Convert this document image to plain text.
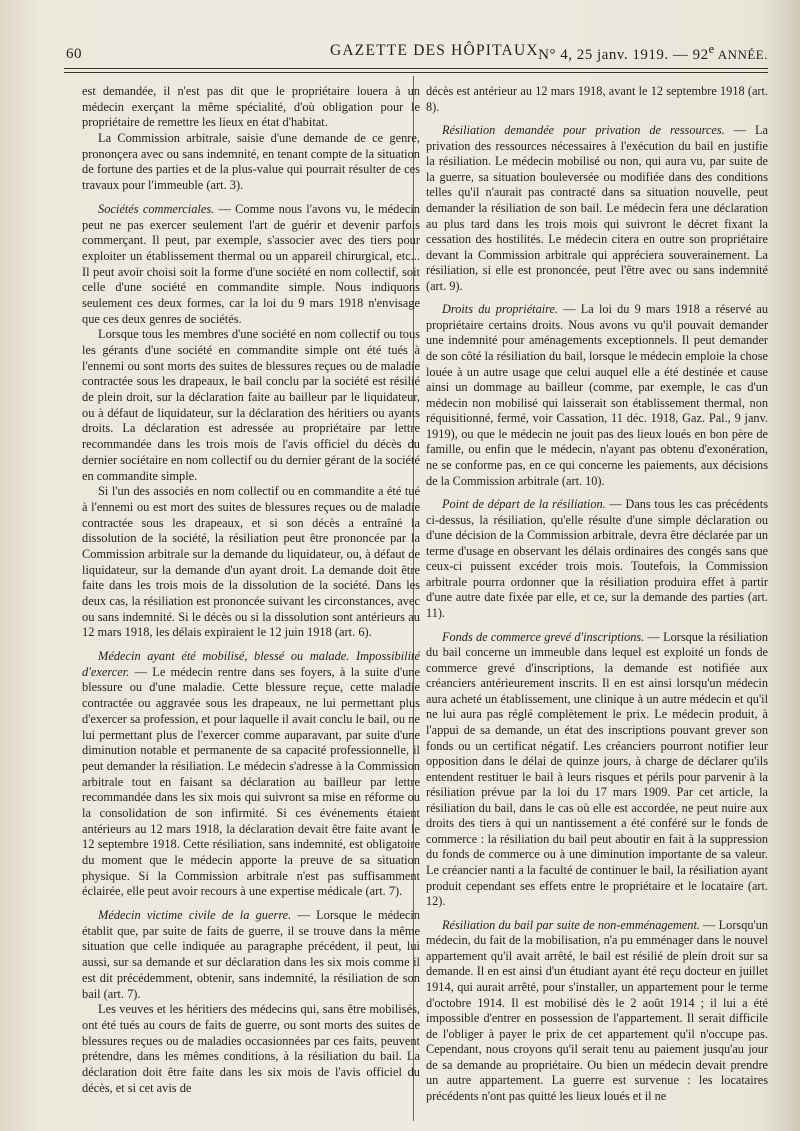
60	GAZETTE DES HÔPITAUX N° 4, 25 janv. 1919. — 92e ANNÉE.

est demandée, il n'est pas dit que le propriétaire louera à un médecin exerçant la même spécialité, d'où obligation pour le propriétaire de remettre les lieux en état d'habitat.

La Commission arbitrale, saisie d'une demande de ce genre, prononçera avec ou sans indemnité, en tenant compte de la situation de fortune des parties et de la plus-value qui pourrait résulter de ces travaux pour l'immeuble (art. 3).

Sociétés commerciales. — Comme nous l'avons vu, le médecin peut ne pas exercer seulement l'art de guérir et devenir parfois commerçant. Il peut, par exemple, s'associer avec des tiers pour exploiter un établissement thermal ou un appareil chirurgical, etc... Il peut avoir choisi soit la forme d'une société en nom collectif, soit celle d'une société en commandite simple. Nous indiquons seulement ces deux formes, car la loi du 9 mars 1918 n'envisage que ces deux genres de sociétés.

Lorsque tous les membres d'une société en nom collectif ou tous les gérants d'une société en commandite simple ont été tués à l'ennemi ou sont morts des suites de blessures reçues ou de maladie contractée sous les drapeaux, le bail conclu par la société est résilié de plein droit, sur la déclaration faite au bailleur par le liquidateur, ou à défaut de liquidateur, sur la déclaration des héritiers ou ayants droits. La déclaration est adressée au propriétaire par lettre recommandée dans les trois mois de l'avis officiel du décès du dernier sociétaire en nom collectif ou du dernier gérant de la société en commandite simple.

Si l'un des associés en nom collectif ou en commandite a été tué à l'ennemi ou est mort des suites de blessures reçues ou de maladie contractée sous les drapeaux, et si son décès a entraîné la dissolution de la société, la résiliation peut être prononcée par la Commission arbitrale sur la demande du liquidateur, ou, à défaut de liquidateur, sur la demande d'un ayant droit. La demande doit être faite dans les trois mois de la dissolution de la société. Dans les deux cas, la résiliation est prononcée suivant les circonstances, avec ou sans indemnité. Si le décès ou si la dissolution sont antérieurs au 12 mars 1918, les délais expiraient le 12 juin 1918 (art. 6).

Médecin ayant été mobilisé, blessé ou malade. Impossibilité d'exercer. — Le médecin rentre dans ses foyers, à la suite d'une blessure ou d'une maladie. Cette blessure reçue, cette maladie contractée ou aggravée sous les drapeaux, ne lui permettant plus d'exercer sa profession, et pour laquelle il avait conclu le bail, ou ne lui permettant plus de l'exercer comme auparavant, par suite d'une diminution notable et permanente de sa capacité professionnelle, il peut demander la résiliation. Le médecin s'adresse à la Commission arbitrale tout en faisant sa déclaration au bailleur par lettre recommandée dans les six mois qui suivront sa mise en réforme ou la consolidation de son infirmité. Si ces événements étaient antérieurs au 12 mars 1918, la déclaration devait être faite avant le 12 septembre 1918. Cette résiliation, sans indemnité, est obligatoire du moment que le médecin apporte la preuve de sa situation physique. Si la Commission arbitrale n'est pas suffisamment éclairée, elle peut avoir recours à une expertise médicale (art. 7).

Médecin victime civile de la guerre. — Lorsque le médecin établit que, par suite de faits de guerre, il se trouve dans la même situation que celle indiquée au paragraphe précédent, il peut, lui aussi, sur sa demande et sur déclaration dans les six mois comme il est dit précédemment, obtenir, sans indemnité, la résiliation de son bail (art. 7).

Les veuves et les héritiers des médecins qui, sans être mobilisés, ont été tués au cours de faits de guerre, ou sont morts des suites de blessures reçues ou de maladies occasionnées par ces faits, peuvent prétendre, dans les mêmes conditions, à la résiliation du bail. La déclaration doit être faite dans les six mois de l'avis officiel du décès, et si cet avis de

décès est antérieur au 12 mars 1918, avant le 12 septembre 1918 (art. 8).

Résiliation demandée pour privation de ressources. — La privation des ressources nécessaires à l'exécution du bail en justifie la résiliation. Le médecin mobilisé ou non, qui aura vu, par suite de la guerre, sa situation bouleversée ou modifiée dans des conditions telles qu'il n'aurait pas contracté dans sa situation nouvelle, peut demander la résiliation de son bail. Le médecin fera une déclaration au plus tard dans les trois mois qui suivront le décret fixant la cessation des hostilités. Le médecin citera en outre son propriétaire devant la Commission arbitrale qui appréciera souverainement. La résiliation, si elle est prononcée, peut l'être avec ou sans indemnité (art. 9).

Droits du propriétaire. — La loi du 9 mars 1918 a réservé au propriétaire certains droits. Nous avons vu qu'il pouvait demander une indemnité pour aménagements exceptionnels. Il peut demander de son côté la résiliation du bail, lorsque le médecin emploie la chose louée à un autre usage que celui auquel elle a été destinée et cause ainsi un dommage au bailleur (comme, par exemple, le cas d'un médecin non mobilisé qui laisserait son établissement thermal, non réquisitionné, fermé, voir Cassation, 11 déc. 1918, Gaz. Pal., 9 janv. 1919), ou que le médecin ne jouit pas des lieux loués en bon père de famille, ou enfin que le médecin, n'ayant pas obtenu d'exonération, ne se conforme pas, en ce qui concerne les paiements, aux décisions de la Commission arbitrale (art. 10).

Point de départ de la résiliation. — Dans tous les cas précédents ci-dessus, la résiliation, qu'elle résulte d'une simple déclaration ou d'une décision de la Commission arbitrale, devra être déclarée par un terme d'usage en observant les délais ordinaires des congés sans que ceux-ci puissent excéder trois mois. Toutefois, la Commission arbitrale pourra ordonner que la résiliation produira effet à partir d'une autre date fixée par elle, et ce, sur la demande des parties (art. 11).

Fonds de commerce grevé d'inscriptions. — Lorsque la résiliation du bail concerne un immeuble dans lequel est exploité un fonds de commerce grevé d'inscriptions, la demande est notifiée aux créanciers antérieurement inscrits. Il en est ainsi lorsqu'un médecin aura acheté un établissement, une clinique à un autre médecin et qu'il ne lui aura pas réglé complètement le prix. Le médecin produit, à l'appui de sa demande, un état des inscriptions pouvant grever son fonds ou un certificat négatif. Les créanciers pourront notifier leur opposition dans le délai de quinze jours, à charge de déclarer qu'ils entendent restituer le bail à leurs risques et périls pour parvenir à la résiliation prévue par la loi du 17 mars 1909. Par cet article, la résiliation du bail, dans le cas où elle est accordée, ne peut nuire aux droits des tiers à qui un nantissement a été conféré sur le fonds de commerce : la résiliation du bail peut aboutir en fait à la suppression du fonds de commerce ou à une diminution importante de sa valeur. Le créancier nanti a la faculté de continuer le bail, la résiliation ayant produit cependant ses effets entre le propriétaire et le locataire (art. 12).

Résiliation du bail par suite de non-emménagement. — Lorsqu'un médecin, du fait de la mobilisation, n'a pu emménager dans le nouvel appartement qu'il avait arrêté, le bail est résilié de plein droit sur sa demande. Il en est ainsi d'un étudiant ayant été reçu docteur en juillet 1914, qui aurait arrêté, pour s'installer, un appartement pour le terme d'octobre 1914. Il est mobilisé dès le 2 août 1914 ; il lui a été impossible d'entrer en possession de l'appartement. Il serait difficile de l'obliger à payer le prix de cet appartement qu'il n'occupe pas. Cependant, nous croyons qu'il serait tenu au paiement jusqu'au jour de sa demande au propriétaire. Ou bien un médecin devait prendre un autre appartement. La guerre est survenue : les locataires précédents n'ont pas quitté les lieux loués et il ne
